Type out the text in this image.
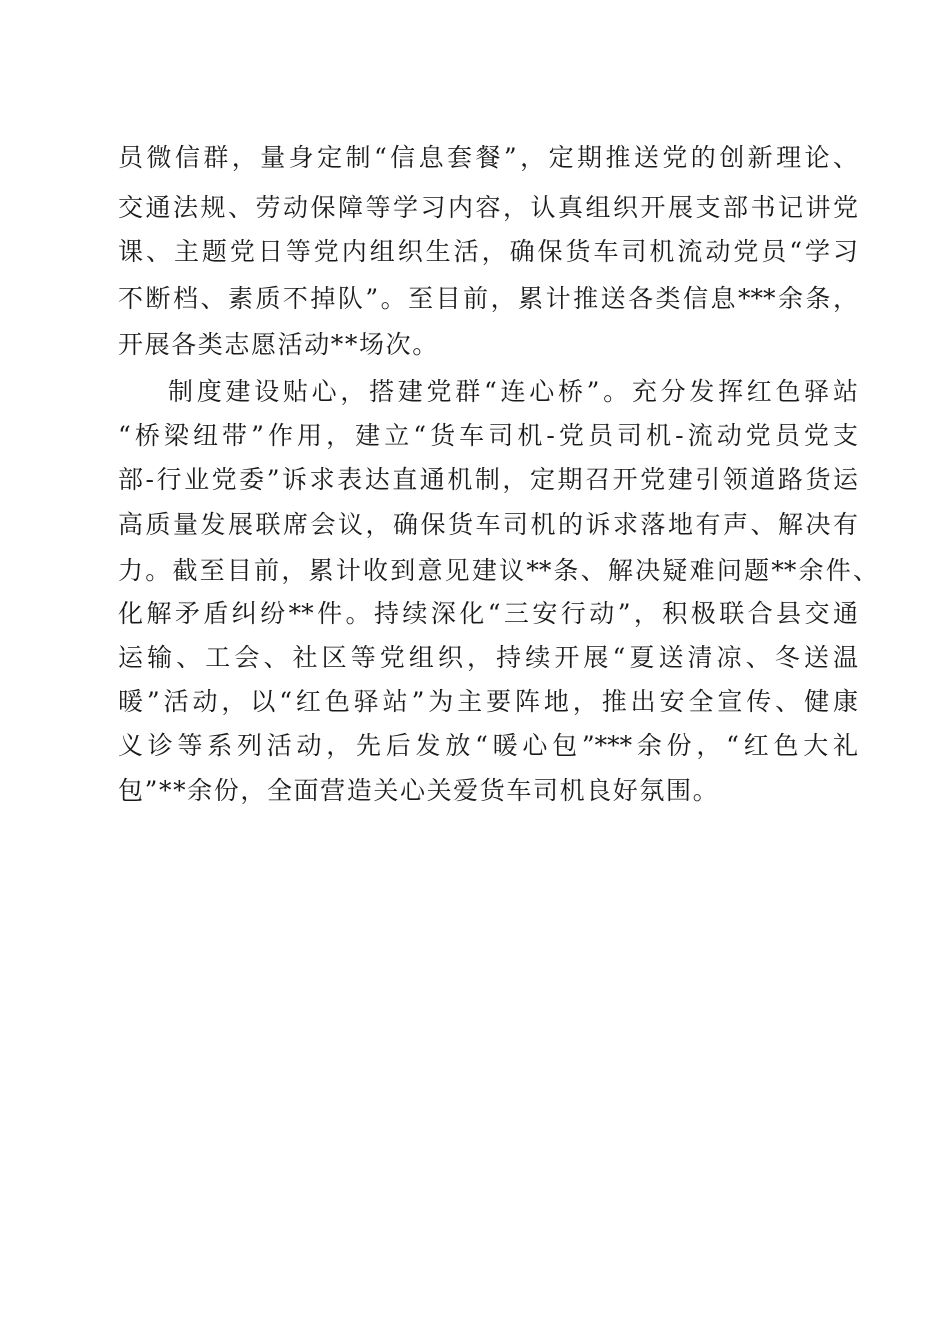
员微信群，量身定制“信息套餐”，定期推送党的创新理论、
交通法规、劳动保障等学习内容，认真组织开展支部书记讲党
课、主题党日等党内组织生活，确保货车司机流动党员“学习
不断档、素质不掉队”。至目前，累计推送各类信息***余条，
开展各类志愿活动**场次。
制度建设贴心，搭建党群“连心桥”。充分发挥红色驿站
“桥梁纽带”作用，建立“货车司机-党员司机-流动党员党支
部-行业党委”诉求表达直通机制，定期召开党建引领道路货运
高质量发展联席会议，确保货车司机的诉求落地有声、解决有
力。截至目前，累计收到意见建议**条、解决疑难问题**余件、
化解矛盾纠纷**件。持续深化“三安行动”，积极联合县交通
运输、工会、社区等党组织，持续开展“夏送清凉、冬送温
暖”活动，以“红色驿站”为主要阵地，推出安全宣传、健康
义诊等系列活动，先后发放“暖心包”***余份，“红色大礼
包”**余份，全面营造关心关爱货车司机良好氛围。
